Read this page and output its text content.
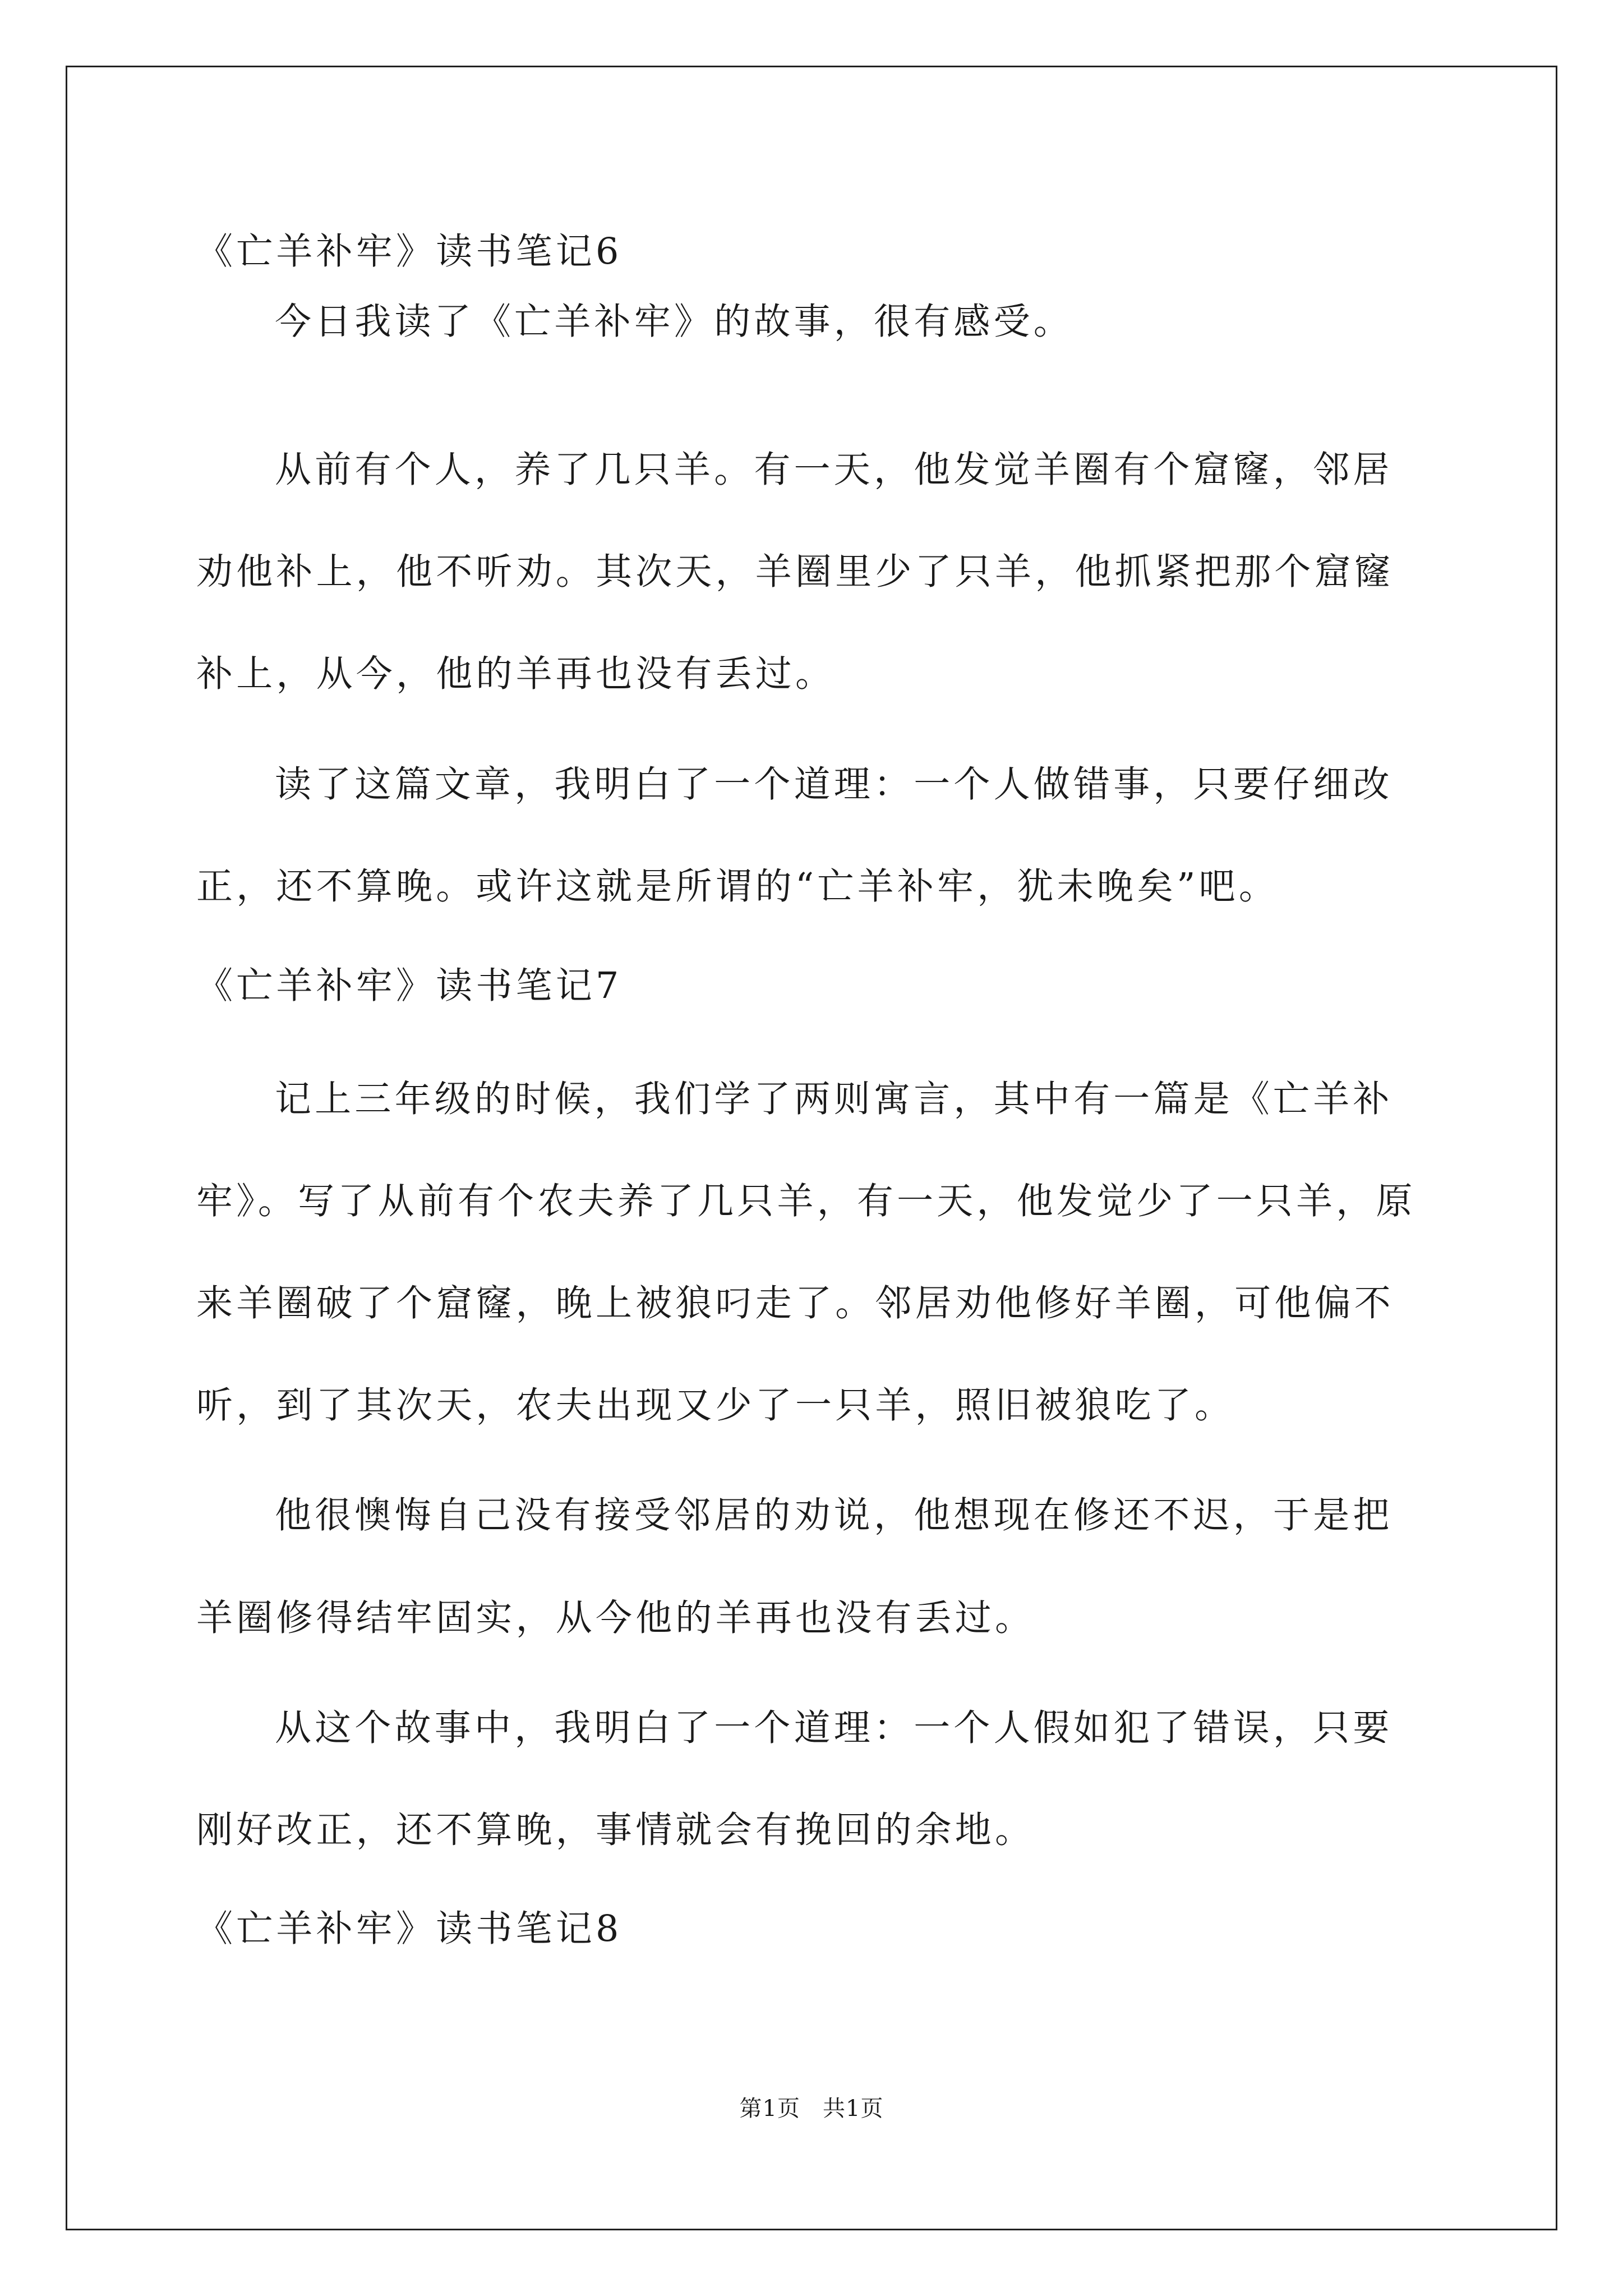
《亡羊补牢》读书笔记6
今日我读了《亡羊补牢》的故事，很有感受。
从前有个人，养了几只羊。有一天，他发觉羊圈有个窟窿，邻居
劝他补上，他不听劝。其次天，羊圈里少了只羊，他抓紧把那个窟窿
补上，从今，他的羊再也没有丢过。
读了这篇文章，我明白了一个道理：一个人做错事，只要仔细改
正，还不算晚。或许这就是所谓的“亡羊补牢，犹未晚矣”吧。
《亡羊补牢》读书笔记7
记上三年级的时候，我们学了两则寓言，其中有一篇是《亡羊补
牢》。写了从前有个农夫养了几只羊，有一天，他发觉少了一只羊，原
来羊圈破了个窟窿，晚上被狼叼走了。邻居劝他修好羊圈，可他偏不
听，到了其次天，农夫出现又少了一只羊，照旧被狼吃了。
他很懊悔自己没有接受邻居的劝说，他想现在修还不迟，于是把
羊圈修得结牢固实，从今他的羊再也没有丢过。
从这个故事中，我明白了一个道理：一个人假如犯了错误，只要
刚好改正，还不算晚，事情就会有挽回的余地。
《亡羊补牢》读书笔记8
第1页 共1页
